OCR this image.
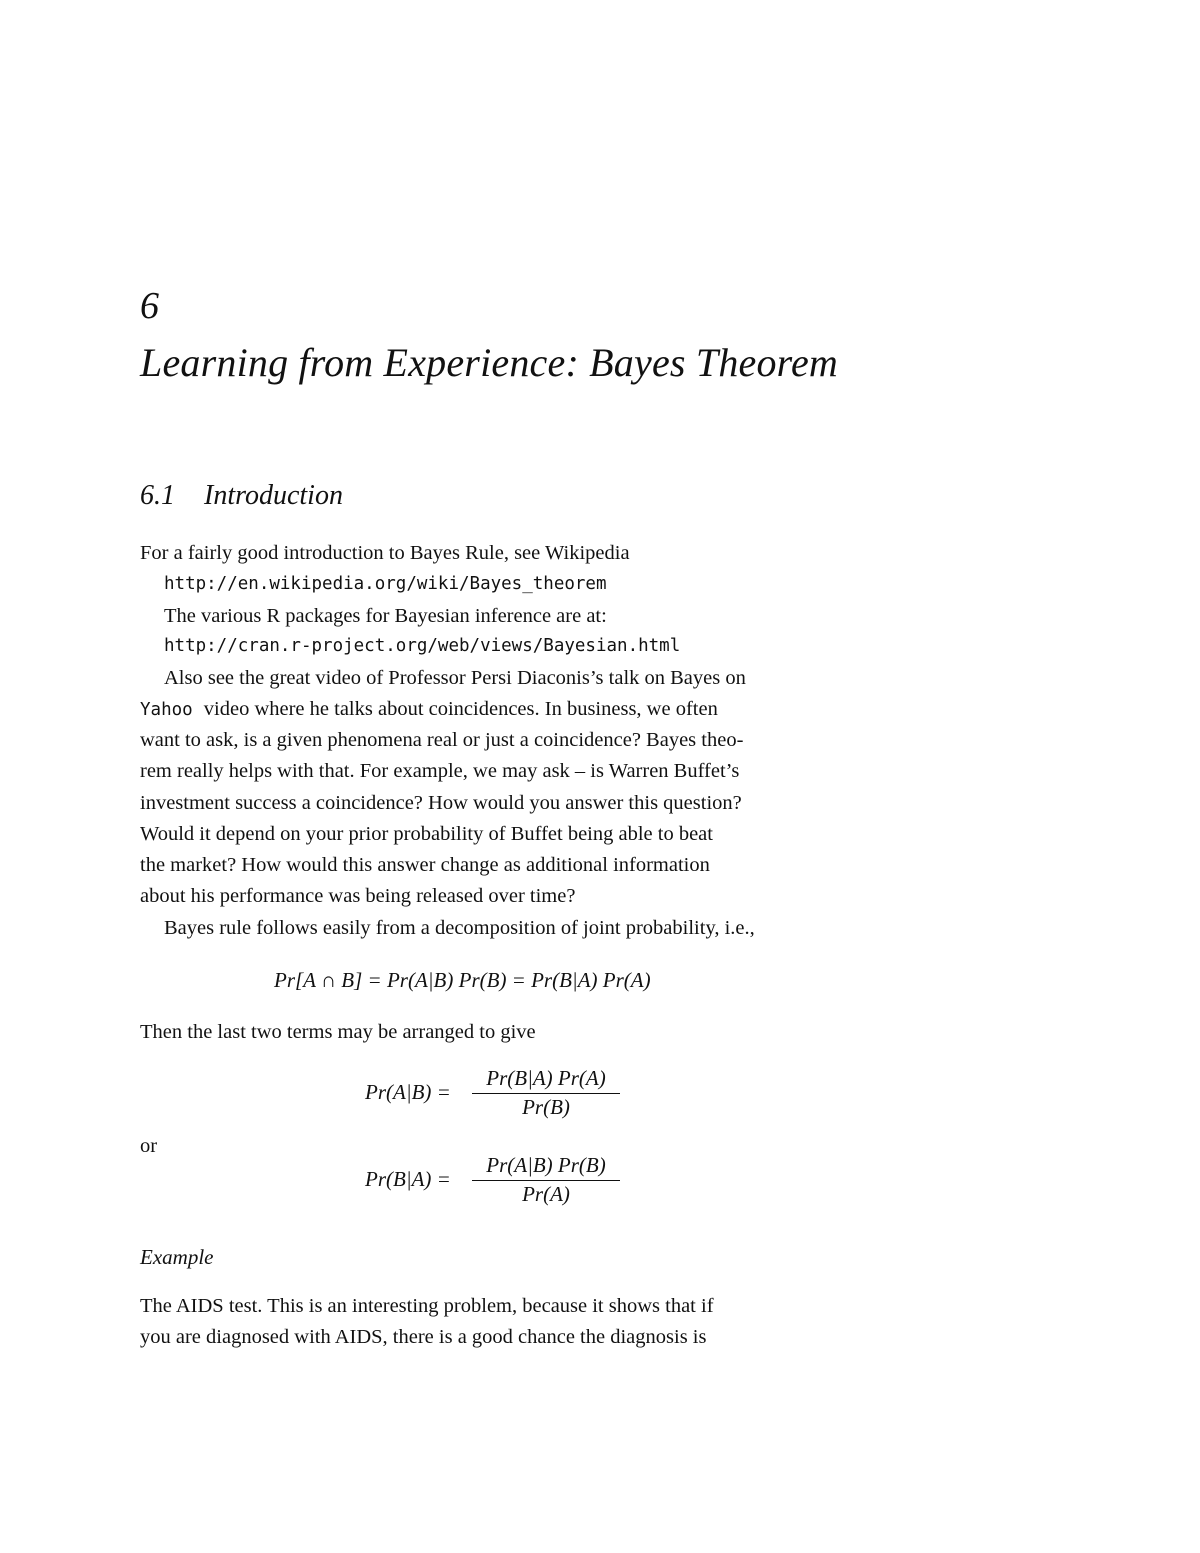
6
Learning from Experience: Bayes Theorem
6.1 Introduction
For a fairly good introduction to Bayes Rule, see Wikipedia
http://en.wikipedia.org/wiki/Bayes_theorem
The various R packages for Bayesian inference are at:
http://cran.r-project.org/web/views/Bayesian.html
Also see the great video of Professor Persi Diaconis’s talk on Bayes on
Yahoo video where he talks about coincidences. In business, we often
want to ask, is a given phenomena real or just a coincidence? Bayes theo-
rem really helps with that. For example, we may ask – is Warren Buffet’s
investment success a coincidence? How would you answer this question?
Would it depend on your prior probability of Buffet being able to beat
the market? How would this answer change as additional information
about his performance was being released over time?
Bayes rule follows easily from a decomposition of joint probability, i.e.,
Pr[A ∩ B] = Pr(A|B) Pr(B) = Pr(B|A) Pr(A)
Then the last two terms may be arranged to give
Pr(A|B) =
Pr(B|A) Pr(A)
Pr(B)
or
Pr(B|A) =
Pr(A|B) Pr(B)
Pr(A)
Example
The AIDS test. This is an interesting problem, because it shows that if
you are diagnosed with AIDS, there is a good chance the diagnosis is
